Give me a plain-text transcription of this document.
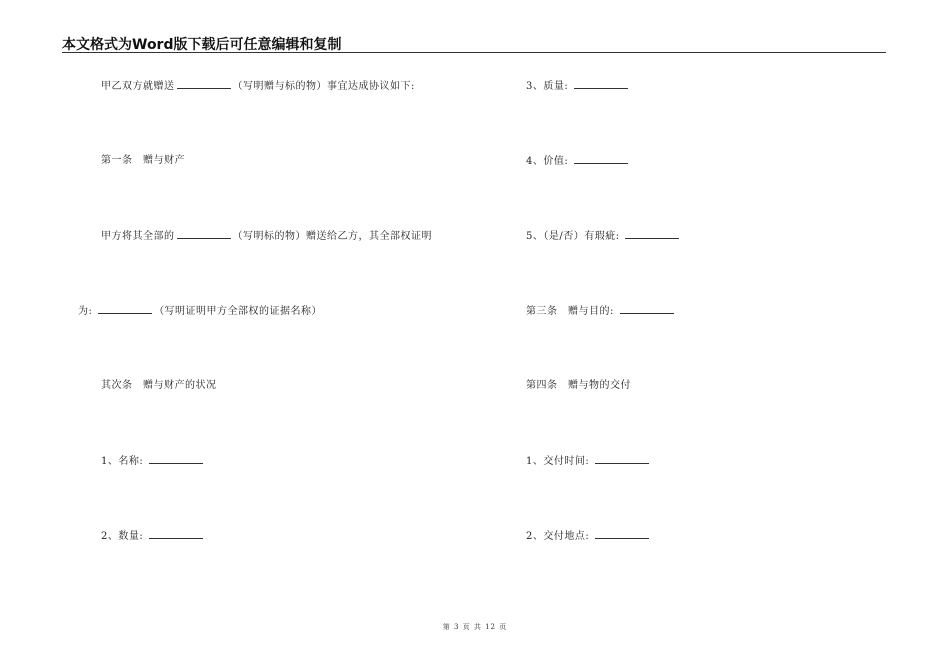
本文格式为Word版下载后可任意编辑和复制
甲乙双方就赠送	（写明赠与标的物）事宜达成协议如下:
第一条　赠与财产
甲方将其全部的	（写明标的物）赠送给乙方，其全部权证明
为:	（写明证明甲方全部权的证据名称）
其次条　赠与财产的状况
1、名称:
2、数量:
3、质量:
4、价值:
5、（是/否）有瑕疵:
第三条　赠与目的:
第四条　赠与物的交付
1、交付时间:
2、交付地点:
第 3 页 共 12 页
